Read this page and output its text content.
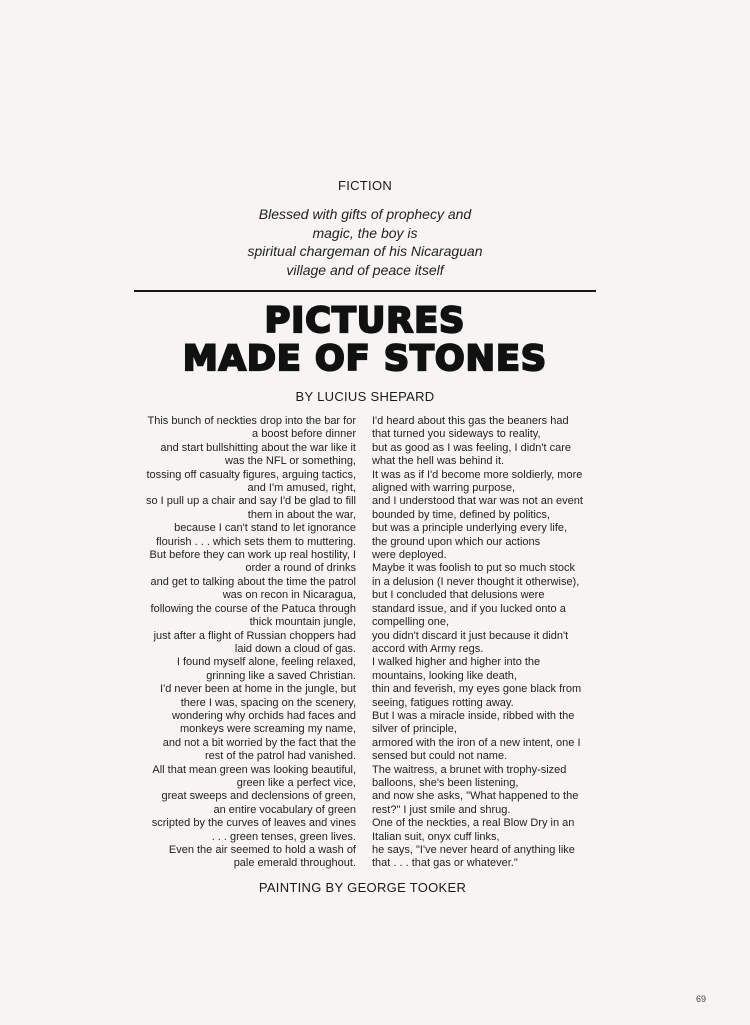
FICTION
Blessed with gifts of prophecy and
magic, the boy is
spiritual chargeman of his Nicaraguan
village and of peace itself
PICTURES
MADE OF STONES
BY LUCIUS SHEPARD
This bunch of neckties drop into the bar for
a boost before dinner
and start bullshitting about the war like it
was the NFL or something,
tossing off casualty figures, arguing tactics,
and I'm amused, right,
so I pull up a chair and say I'd be glad to fill
them in about the war,
because I can't stand to let ignorance
flourish . . . which sets them to muttering.
But before they can work up real hostility, I
order a round of drinks
and get to talking about the time the patrol
was on recon in Nicaragua,
following the course of the Patuca through
thick mountain jungle,
just after a flight of Russian choppers had
laid down a cloud of gas.
I found myself alone, feeling relaxed,
grinning like a saved Christian.
I'd never been at home in the jungle, but
there I was, spacing on the scenery,
wondering why orchids had faces and
monkeys were screaming my name,
and not a bit worried by the fact that the
rest of the patrol had vanished.
All that mean green was looking beautiful,
green like a perfect vice,
great sweeps and declensions of green,
an entire vocabulary of green
scripted by the curves of leaves and vines
. . . green tenses, green lives.
Even the air seemed to hold a wash of
pale emerald throughout.
I'd heard about this gas the beaners had
that turned you sideways to reality,
but as good as I was feeling, I didn't care
what the hell was behind it.
It was as if I'd become more soldierly, more
aligned with warring purpose,
and I understood that war was not an event
bounded by time, defined by politics,
but was a principle underlying every life,
the ground upon which our actions
were deployed.
Maybe it was foolish to put so much stock
in a delusion (I never thought it otherwise),
but I concluded that delusions were
standard issue, and if you lucked onto a
compelling one,
you didn't discard it just because it didn't
accord with Army regs.
I walked higher and higher into the
mountains, looking like death,
thin and feverish, my eyes gone black from
seeing, fatigues rotting away.
But I was a miracle inside, ribbed with the
silver of principle,
armored with the iron of a new intent, one I
sensed but could not name.
The waitress, a brunet with trophy-sized
balloons, she's been listening,
and now she asks, "What happened to the
rest?" I just smile and shrug.
One of the neckties, a real Blow Dry in an
Italian suit, onyx cuff links,
he says, "I've never heard of anything like
that . . . that gas or whatever."
PAINTING BY GEORGE TOOKER
69
